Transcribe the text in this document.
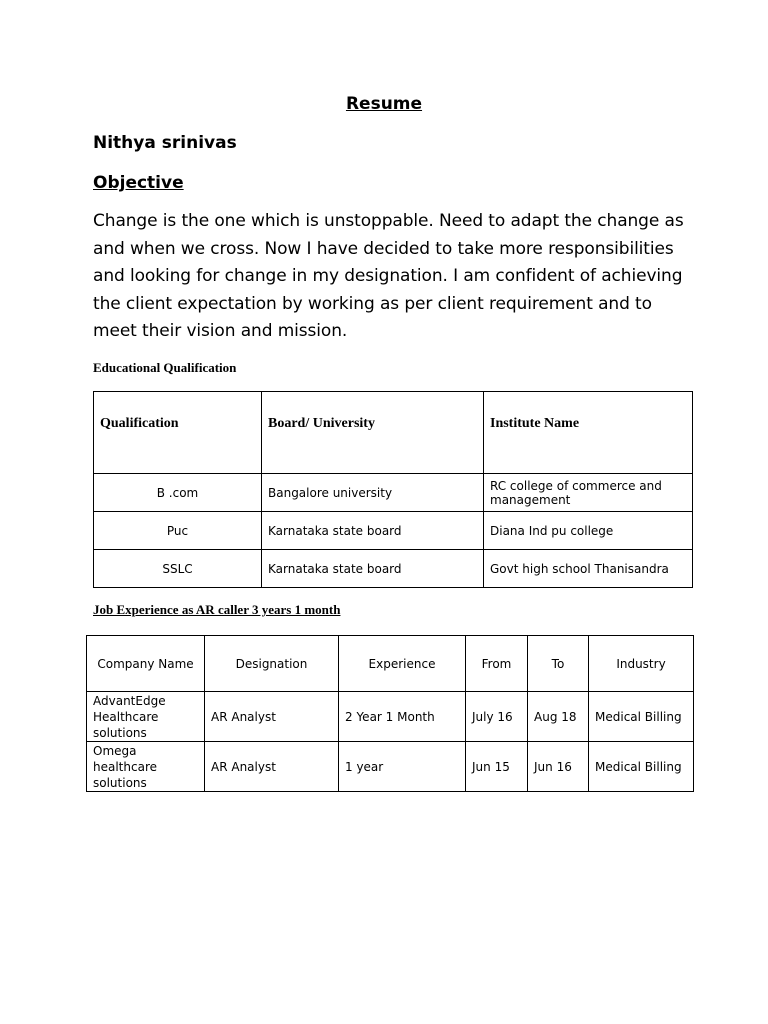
Resume
Nithya srinivas
Objective
Change is the one which is unstoppable. Need to adapt the change as and when we cross. Now I have decided to take more responsibilities and looking for change in my designation. I am confident of achieving the client expectation by working as per client requirement and to meet their vision and mission.
Educational Qualification
Qualification	Board/ University	Institute Name
B .com	Bangalore university	RC college of commerce and management
Puc	Karnataka state board	Diana Ind pu college
SSLC	Karnataka state board	Govt high school Thanisandra
Job Experience as AR caller 3 years 1 month
Company Name	Designation	Experience	From	To	Industry
AdvantEdge Healthcare solutions	AR Analyst	2 Year 1 Month	July 16	Aug 18	Medical Billing
Omega healthcare solutions	AR Analyst	1 year	Jun 15	Jun 16	Medical Billing
